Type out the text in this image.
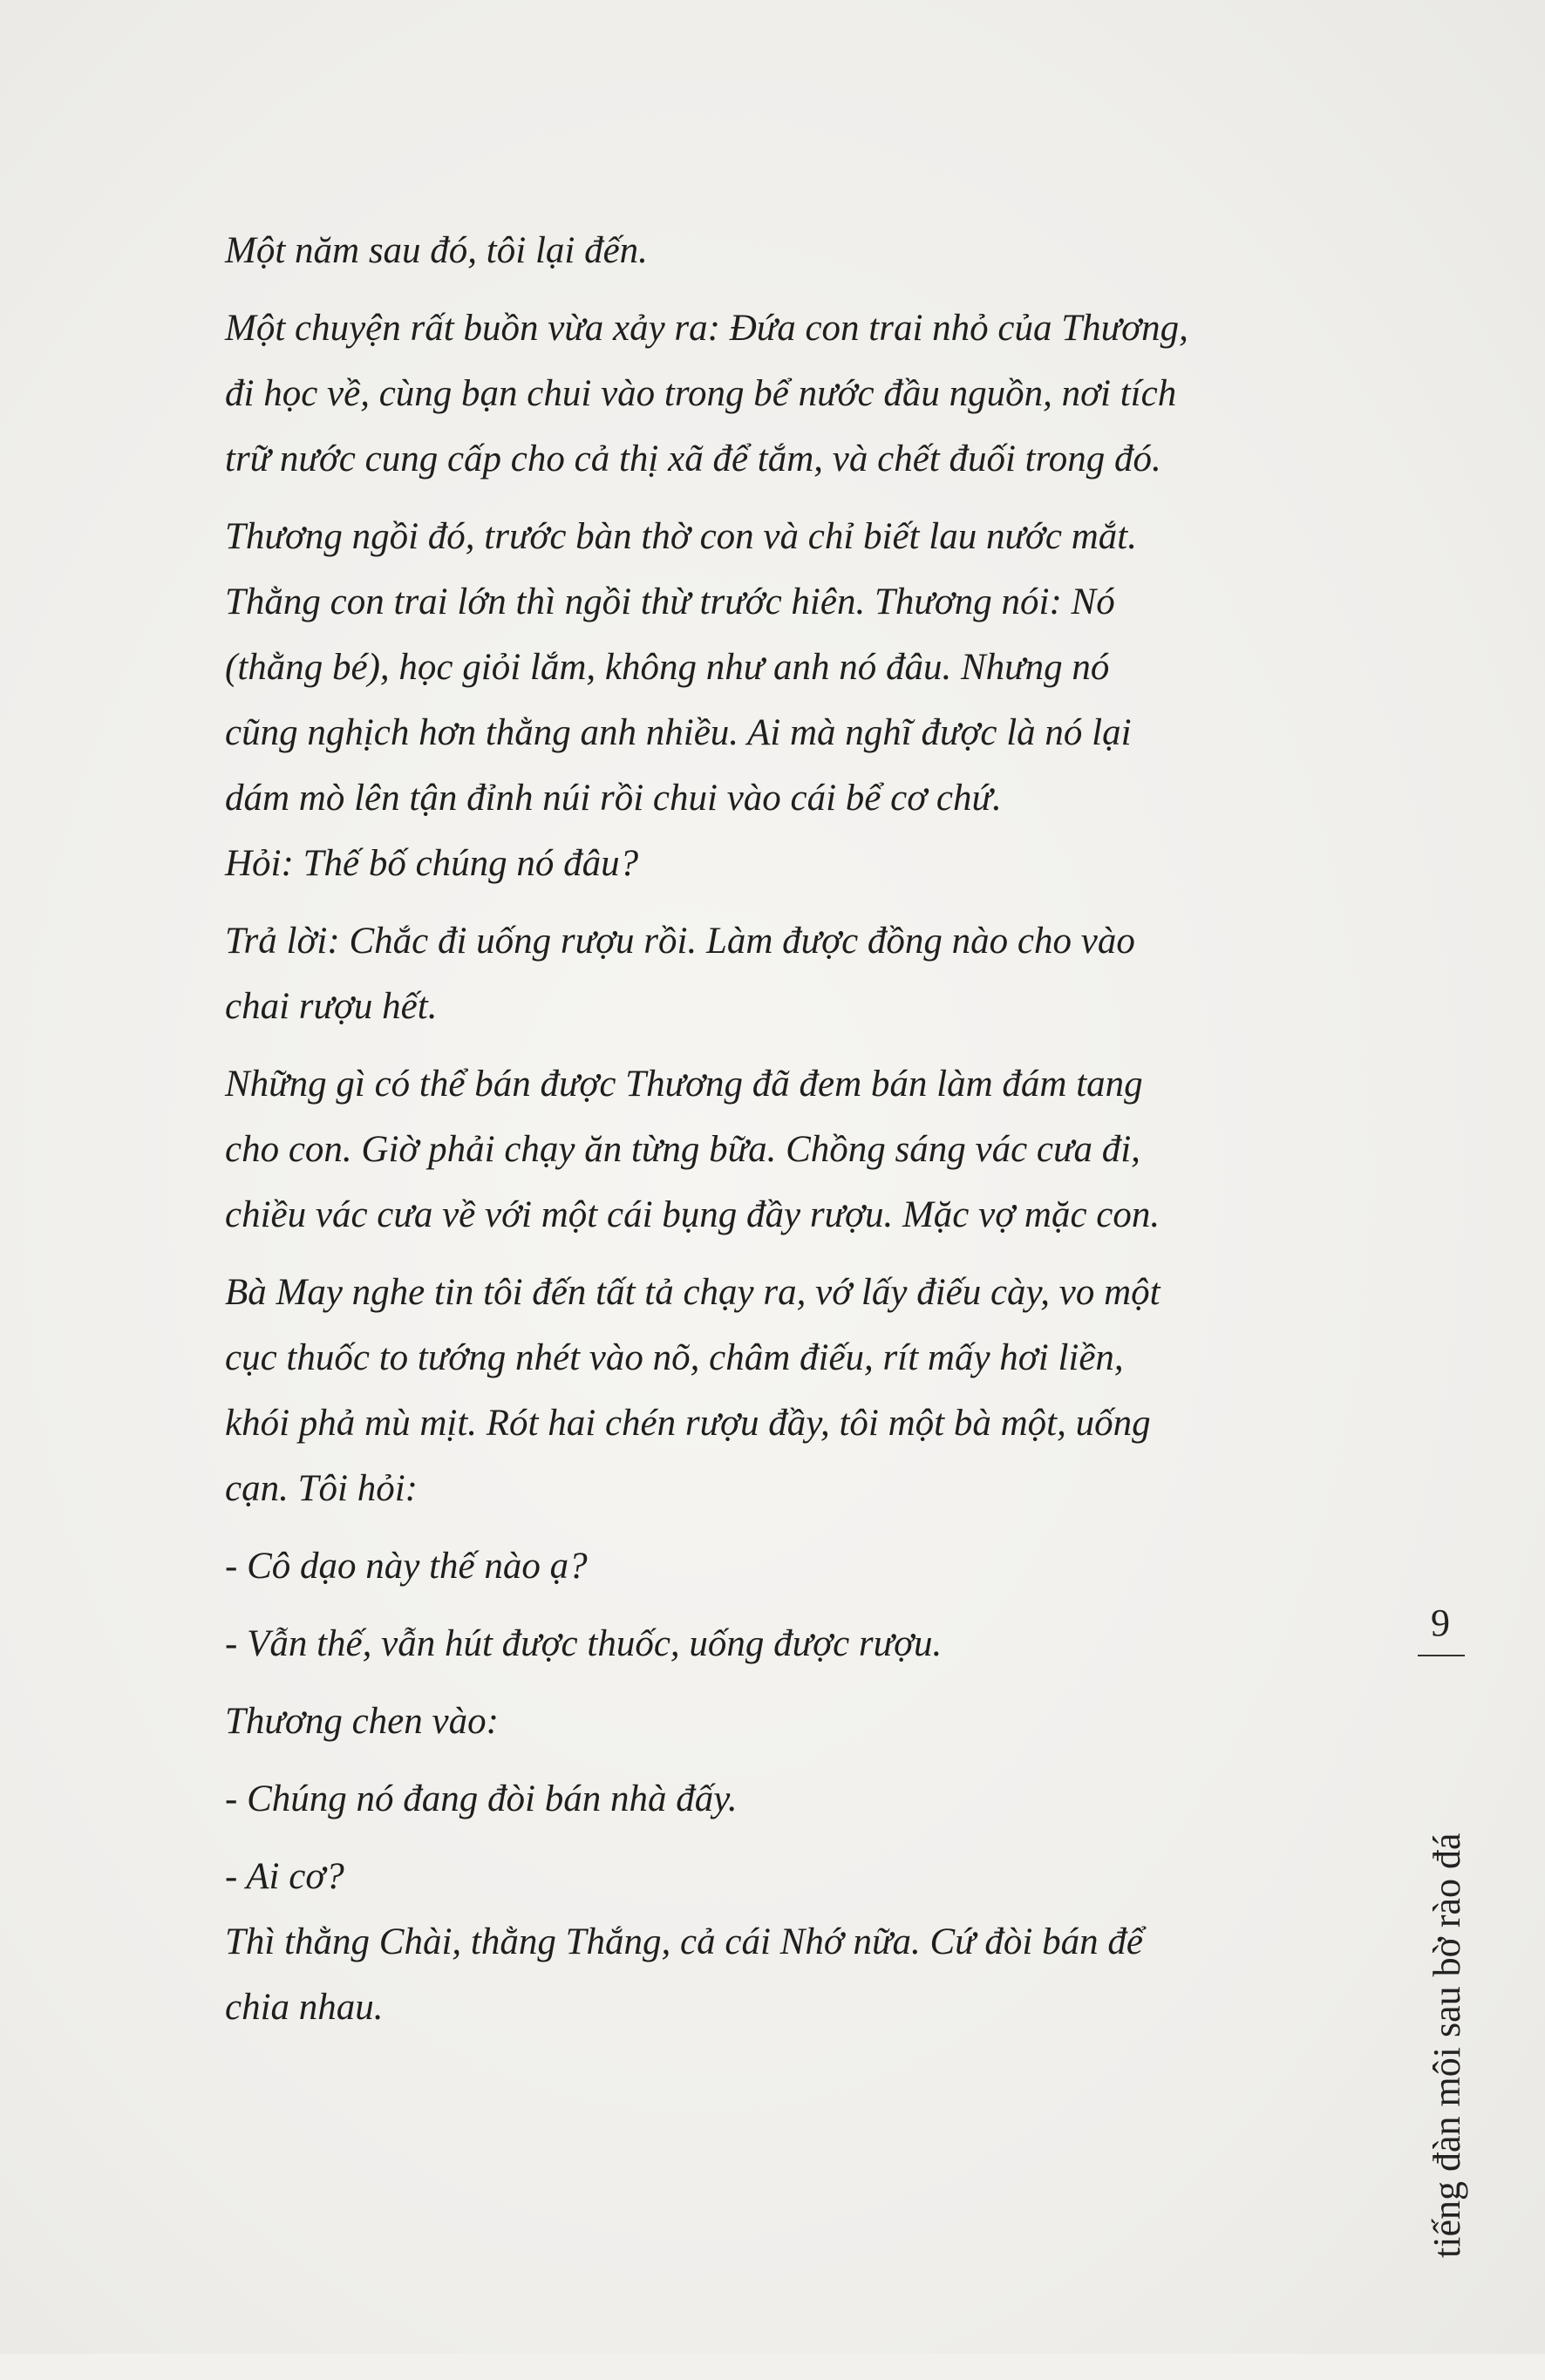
Một năm sau đó, tôi lại đến.

Một chuyện rất buồn vừa xảy ra: Đứa con trai nhỏ của Thương,
đi học về, cùng bạn chui vào trong bể nước đầu nguồn, nơi tích
trữ nước cung cấp cho cả thị xã để tắm, và chết đuối trong đó.

Thương ngồi đó, trước bàn thờ con và chỉ biết lau nước mắt.
Thằng con trai lớn thì ngồi thừ trước hiên. Thương nói: Nó
(thằng bé), học giỏi lắm, không như anh nó đâu. Nhưng nó
cũng nghịch hơn thằng anh nhiều. Ai mà nghĩ được là nó lại
dám mò lên tận đỉnh núi rồi chui vào cái bể cơ chứ.

Hỏi: Thế bố chúng nó đâu?

Trả lời: Chắc đi uống rượu rồi. Làm được đồng nào cho vào
chai rượu hết.

Những gì có thể bán được Thương đã đem bán làm đám tang
cho con. Giờ phải chạy ăn từng bữa. Chồng sáng vác cưa đi,
chiều vác cưa về với một cái bụng đầy rượu. Mặc vợ mặc con.

Bà May nghe tin tôi đến tất tả chạy ra, vớ lấy điếu cày, vo một
cục thuốc to tướng nhét vào nõ, châm điếu, rít mấy hơi liền,
khói phả mù mịt. Rót hai chén rượu đầy, tôi một bà một, uống
cạn. Tôi hỏi:

- Cô dạo này thế nào ạ?

- Vẫn thế, vẫn hút được thuốc, uống được rượu.

Thương chen vào:

- Chúng nó đang đòi bán nhà đấy.

- Ai cơ?

Thì thằng Chài, thằng Thắng, cả cái Nhớ nữa. Cứ đòi bán để
chia nhau.

9
tiếng đàn môi sau bờ rào đá
